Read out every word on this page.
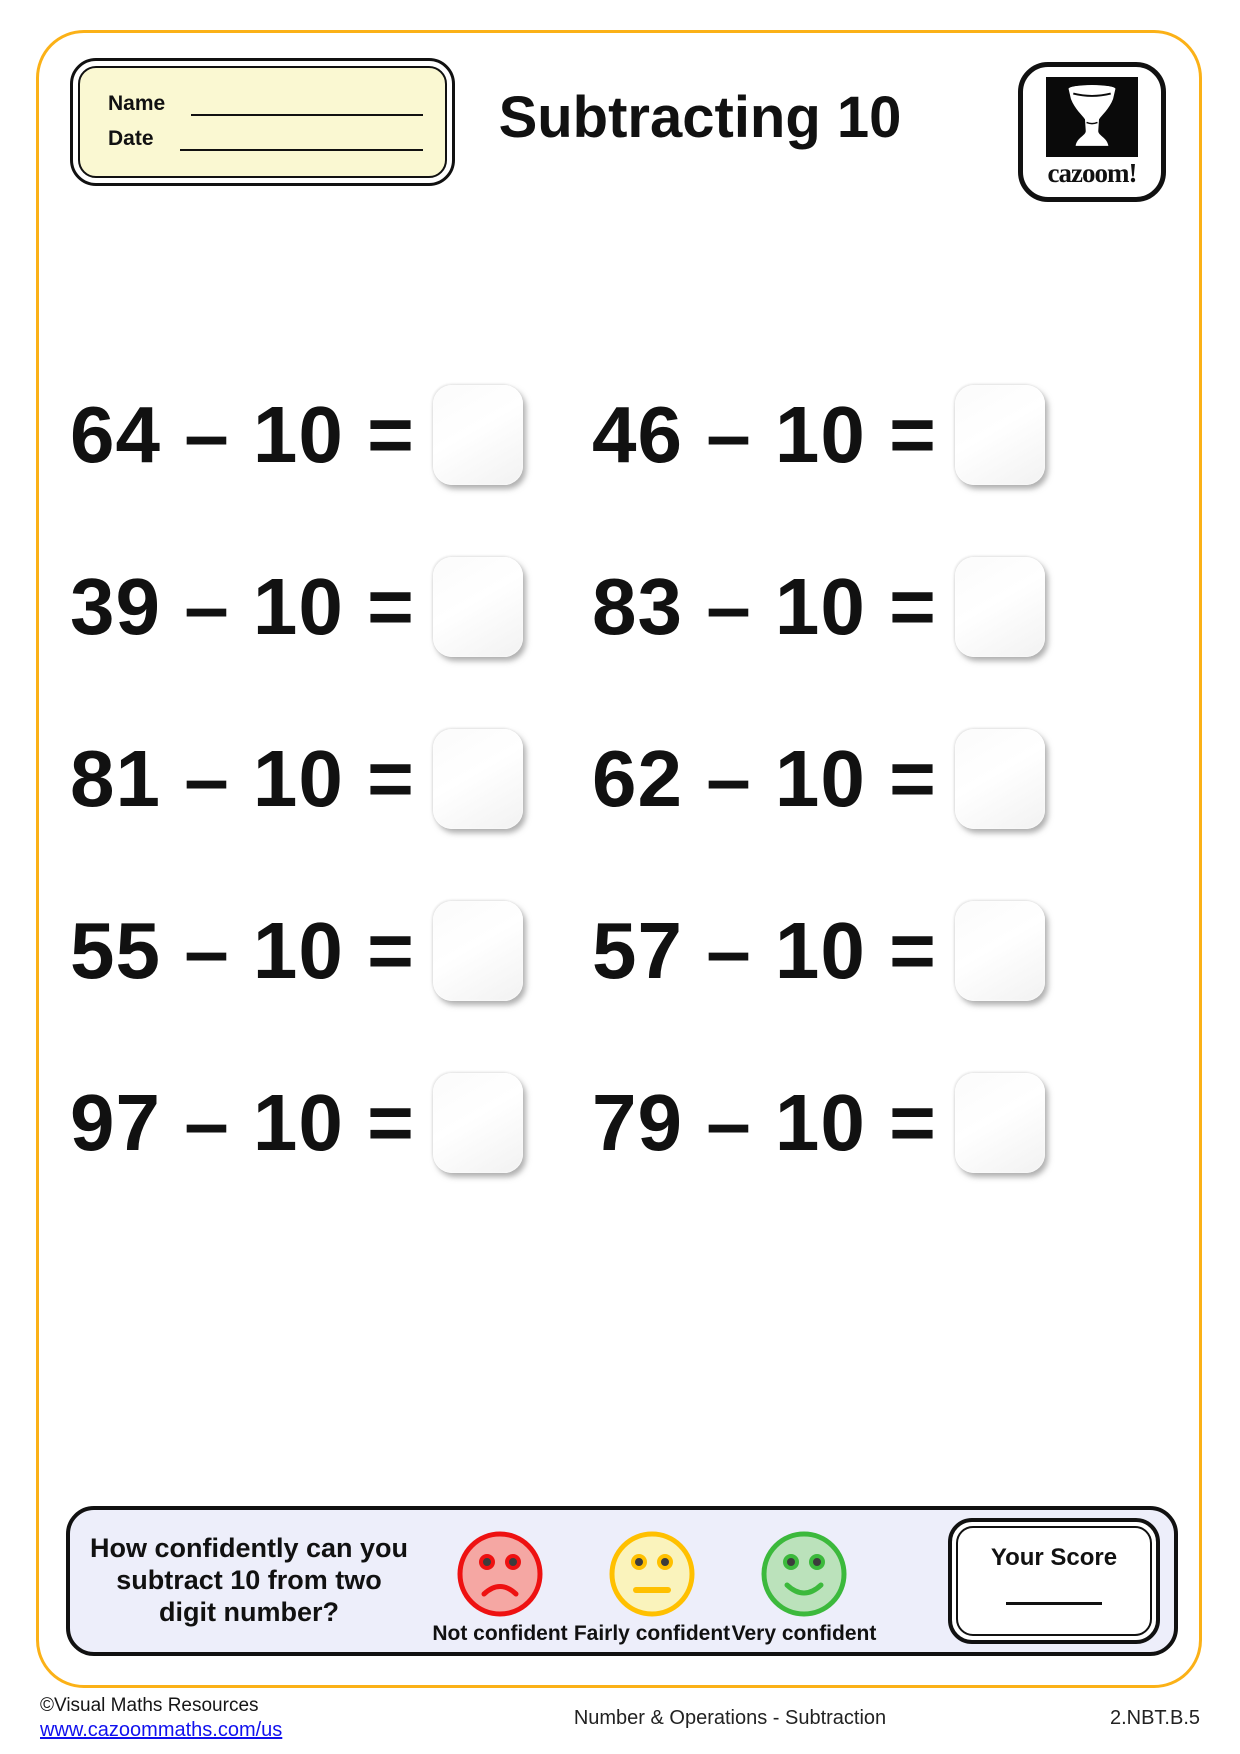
Name
Date	Subtracting 10
cazoom!
64 – 10 = 46 – 10 =
39 – 10 = 83 – 10 =
81 – 10 = 62 – 10 =
55 – 10 = 57 – 10 =
97 – 10 = 79 – 10 =
How confidently can you subtract 10 from two digit number?
Not confident Fairly confident Very confident
Your Score
©Visual Maths Resources
www.cazoommaths.com/us
Number & Operations - Subtraction	2.NBT.B.5
